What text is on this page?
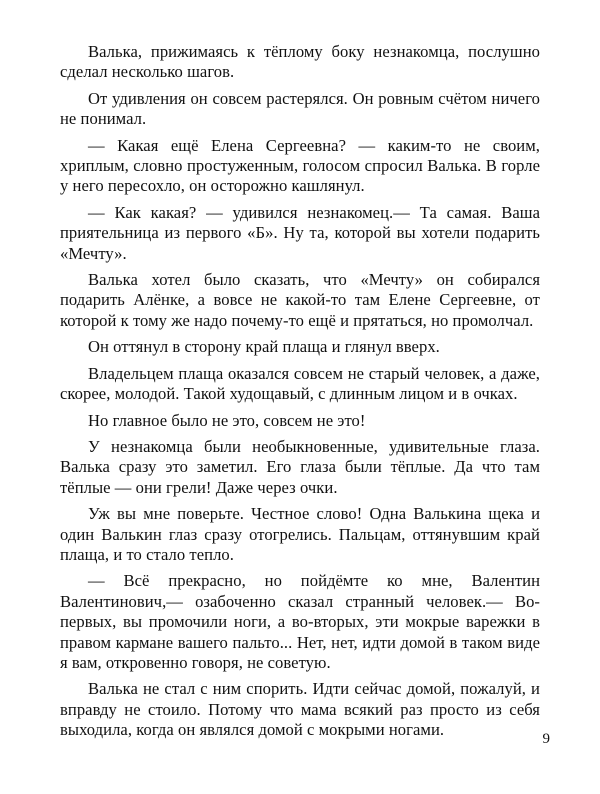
Валька, прижимаясь к тёплому боку незнакомца, послушно сделал несколько шагов.

От удивления он совсем растерялся. Он ровным счётом ничего не понимал.

— Какая ещё Елена Сергеевна? — каким-то не своим, хриплым, словно простуженным, голосом спросил Валька. В горле у него пересохло, он осторожно кашлянул.

— Как какая? — удивился незнакомец.— Та самая. Ваша приятельница из первого «Б». Ну та, которой вы хотели подарить «Мечту».

Валька хотел было сказать, что «Мечту» он собирался подарить Алёнке, а вовсе не какой-то там Елене Сергеевне, от которой к тому же надо почему-то ещё и прятаться, но промолчал.

Он оттянул в сторону край плаща и глянул вверх.

Владельцем плаща оказался совсем не старый человек, а даже, скорее, молодой. Такой худощавый, с длинным лицом и в очках.

Но главное было не это, совсем не это!

У незнакомца были необыкновенные, удивительные глаза. Валька сразу это заметил. Его глаза были тёплые. Да что там тёплые — они грели! Даже через очки.

Уж вы мне поверьте. Честное слово! Одна Валькина щека и один Валькин глаз сразу отогрелись. Пальцам, оттянувшим край плаща, и то стало тепло.

— Всё прекрасно, но пойдёмте ко мне, Валентин Валентинович,— озабоченно сказал странный человек.— Во-первых, вы промочили ноги, а во-вторых, эти мокрые варежки в правом кармане вашего пальто... Нет, нет, идти домой в таком виде я вам, откровенно говоря, не советую.

Валька не стал с ним спорить. Идти сейчас домой, пожалуй, и вправду не стоило. Потому что мама всякий раз просто из себя выходила, когда он являлся домой с мокрыми ногами.	9
